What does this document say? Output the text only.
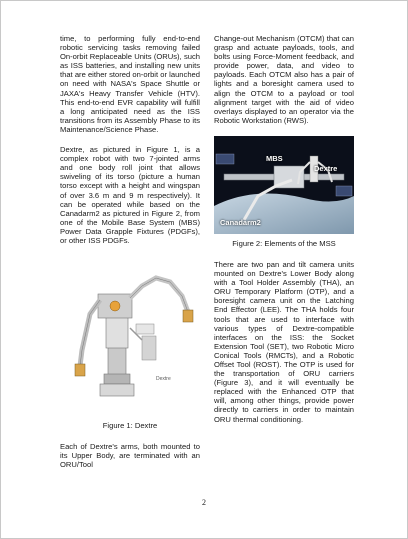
time, to performing fully end-to-end robotic servicing tasks removing failed On-orbit Replaceable Units (ORUs), such as ISS batteries, and installing new units that are either stored on-orbit or launched on need with NASA's Space Shuttle or JAXA's Heavy Transfer Vehicle (HTV). This end-to-end EVR capability will fulfill a long anticipated need as the ISS transitions from its Assembly Phase to its Maintenance/Science Phase.

Dextre, as pictured in Figure 1, is a complex robot with two 7-jointed arms and one body roll joint that allows swiveling of its torso (picture a human torso except with a height and wingspan of over 3.6 m and 9 m respectively). It can be operated while based on the Canadarm2 as pictured in Figure 2, from one of the Mobile Base System (MBS) Power Data Grapple Fixtures (PDGFs), or other ISS PDGFs.

Dextre
Figure 1: Dextre

Each of Dextre's arms, both mounted to its Upper Body, are terminated with an ORU/Tool

Change-out Mechanism (OTCM) that can grasp and actuate payloads, tools, and bolts using Force-Moment feedback, and provide power, data, and video to payloads. Each OTCM also has a pair of lights and a boresight camera used to align the OTCM to a payload or tool alignment target with the aid of video overlays displayed to an operator via the Robotic Workstation (RWS).

MBS
Dextre
Canadarm2
Figure 2: Elements of the MSS

There are two pan and tilt camera units mounted on Dextre's Lower Body along with a Tool Holder Assembly (THA), an ORU Temporary Platform (OTP), and a boresight camera unit on the Latching End Effector (LEE). The THA holds four tools that are used to interface with various types of Dextre-compatible interfaces on the ISS: the Socket Extension Tool (SET), two Robotic Micro Conical Tools (RMCTs), and a Robotic Offset Tool (ROST). The OTP is used for the transportation of ORU carriers (Figure 3), and it will eventually be replaced with the Enhanced OTP that will, among other things, provide power directly to carriers in order to maintain ORU thermal conditioning.

2
